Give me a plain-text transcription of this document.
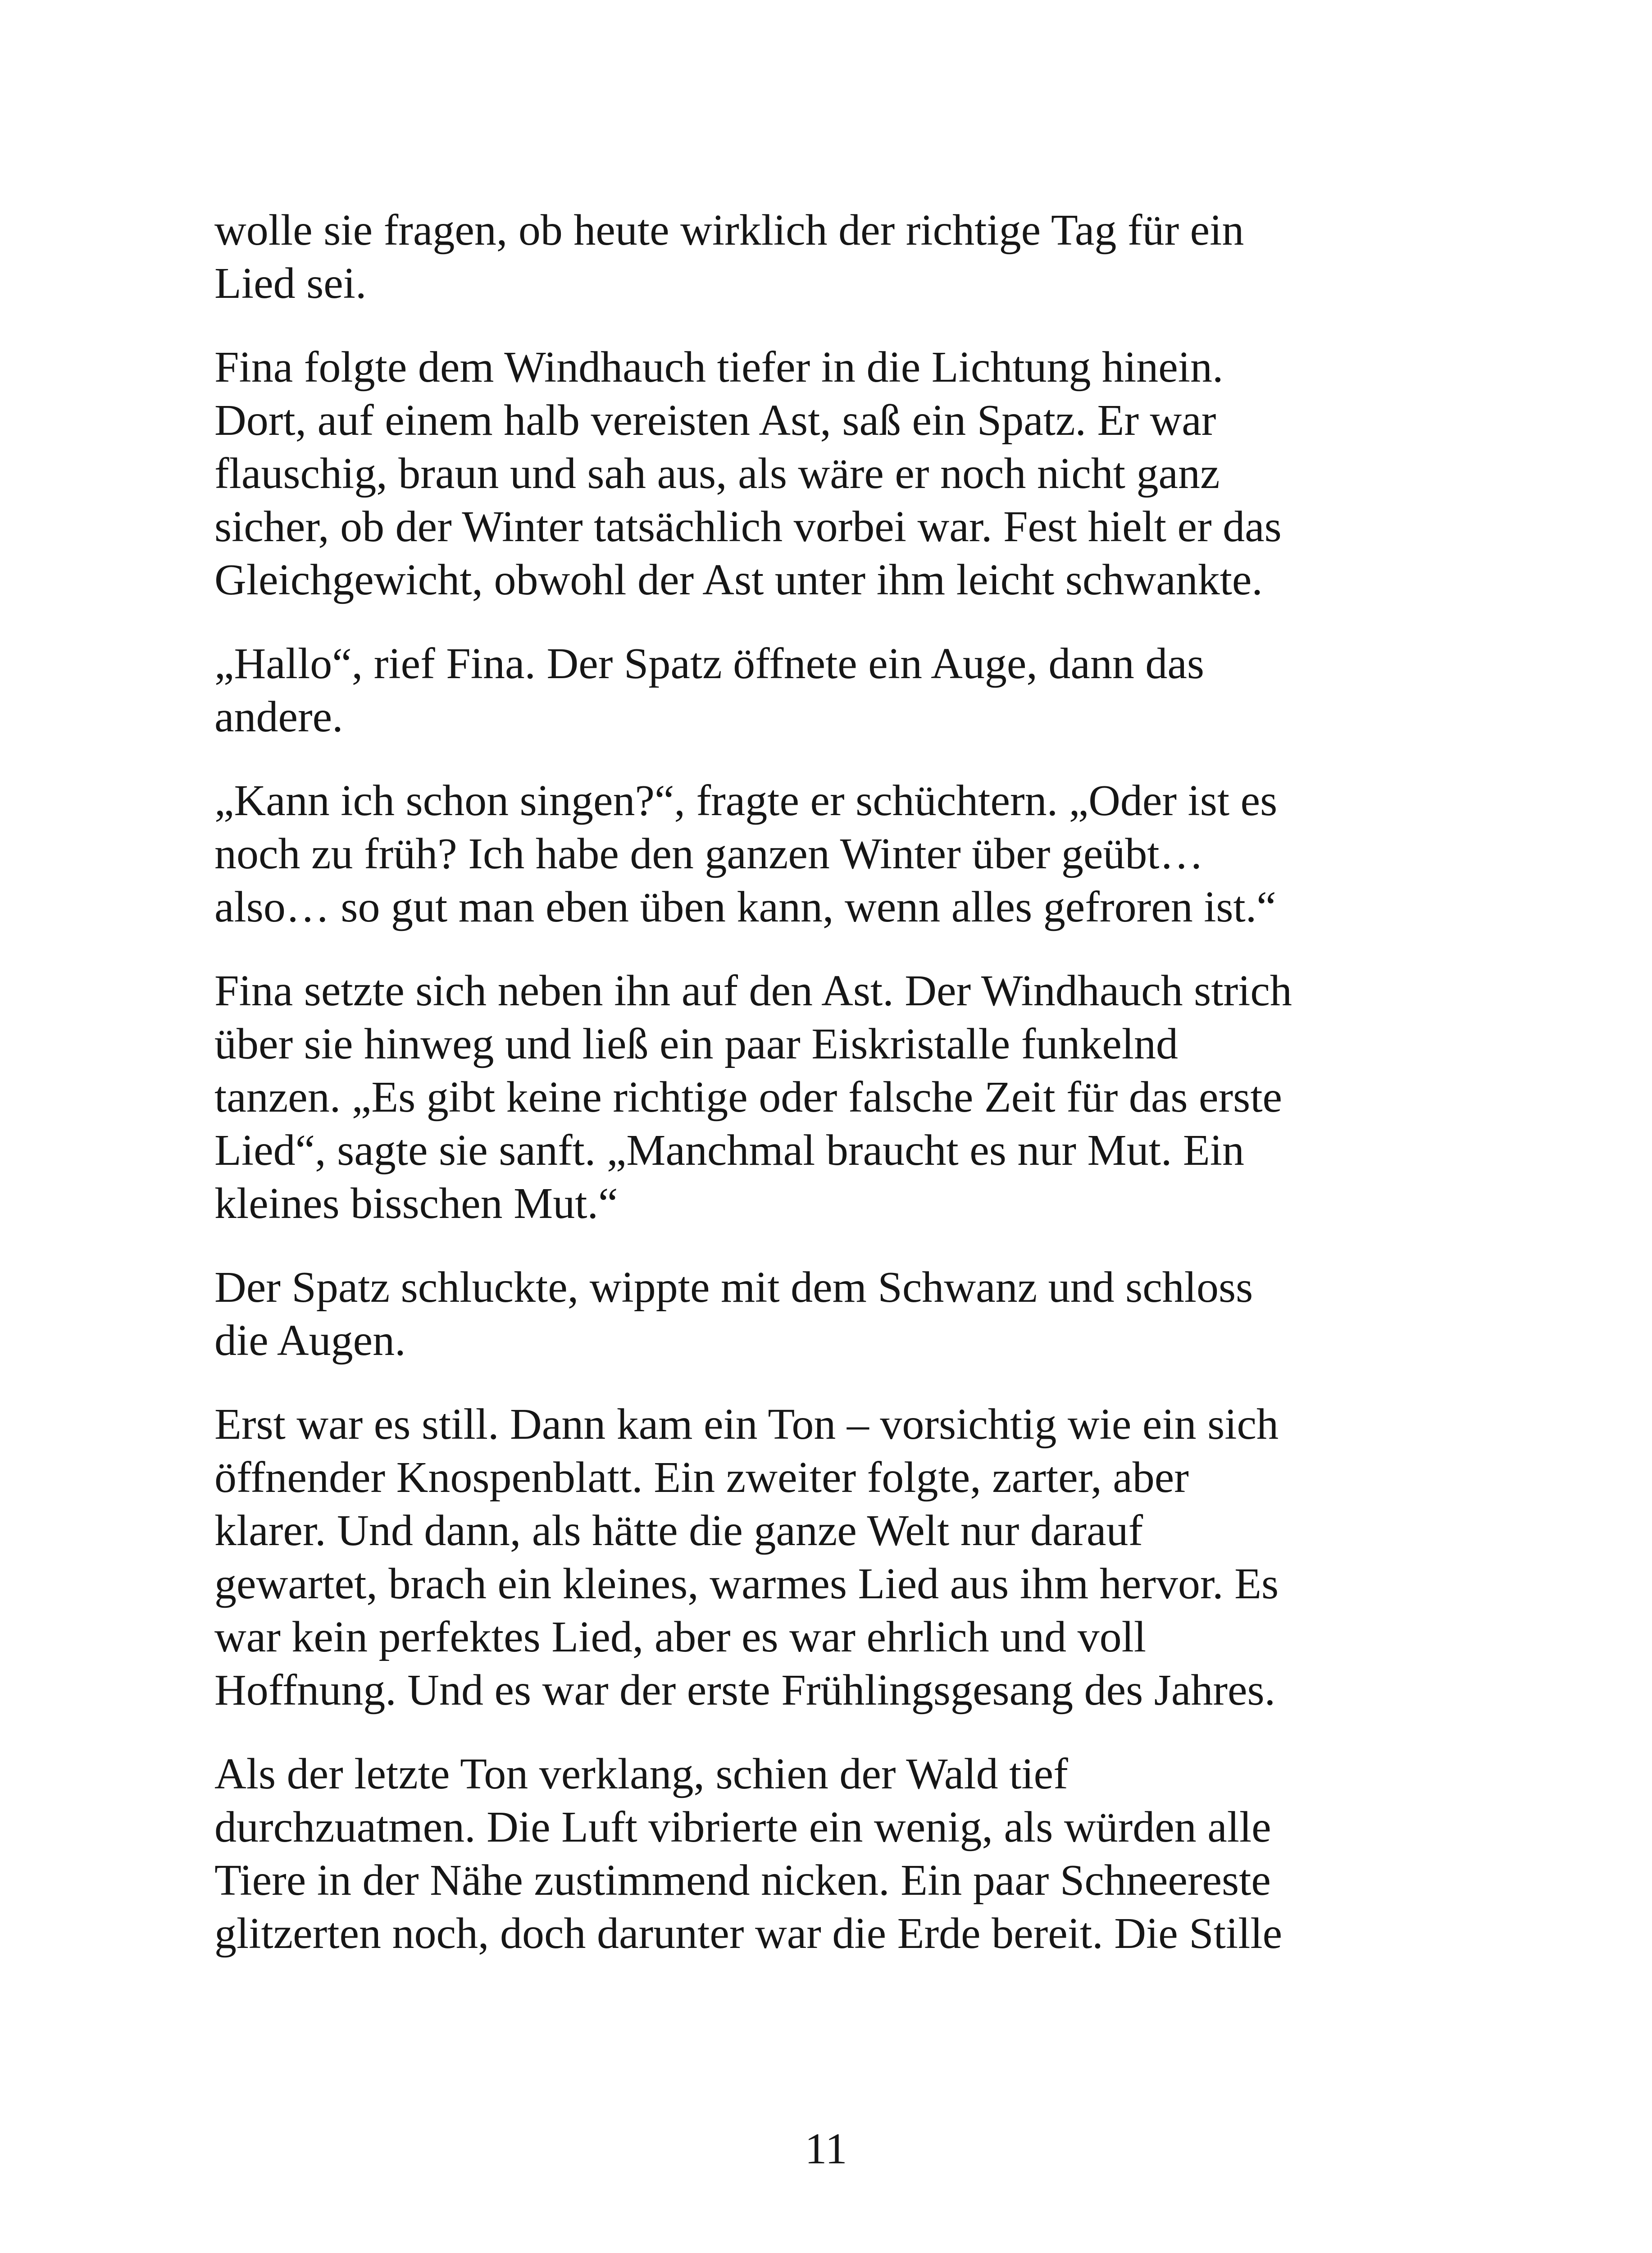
wolle sie fragen, ob heute wirklich der richtige Tag für ein
Lied sei.

Fina folgte dem Windhauch tiefer in die Lichtung hinein.
Dort, auf einem halb vereisten Ast, saß ein Spatz. Er war
flauschig, braun und sah aus, als wäre er noch nicht ganz
sicher, ob der Winter tatsächlich vorbei war. Fest hielt er das
Gleichgewicht, obwohl der Ast unter ihm leicht schwankte.

„Hallo“, rief Fina. Der Spatz öffnete ein Auge, dann das
andere.

„Kann ich schon singen?“, fragte er schüchtern. „Oder ist es
noch zu früh? Ich habe den ganzen Winter über geübt…
also… so gut man eben üben kann, wenn alles gefroren ist.“

Fina setzte sich neben ihn auf den Ast. Der Windhauch strich
über sie hinweg und ließ ein paar Eiskristalle funkelnd
tanzen. „Es gibt keine richtige oder falsche Zeit für das erste
Lied“, sagte sie sanft. „Manchmal braucht es nur Mut. Ein
kleines bisschen Mut.“

Der Spatz schluckte, wippte mit dem Schwanz und schloss
die Augen.

Erst war es still. Dann kam ein Ton – vorsichtig wie ein sich
öffnender Knospenblatt. Ein zweiter folgte, zarter, aber
klarer. Und dann, als hätte die ganze Welt nur darauf
gewartet, brach ein kleines, warmes Lied aus ihm hervor. Es
war kein perfektes Lied, aber es war ehrlich und voll
Hoffnung. Und es war der erste Frühlingsgesang des Jahres.

Als der letzte Ton verklang, schien der Wald tief
durchzuatmen. Die Luft vibrierte ein wenig, als würden alle
Tiere in der Nähe zustimmend nicken. Ein paar Schneereste
glitzerten noch, doch darunter war die Erde bereit. Die Stille

11
